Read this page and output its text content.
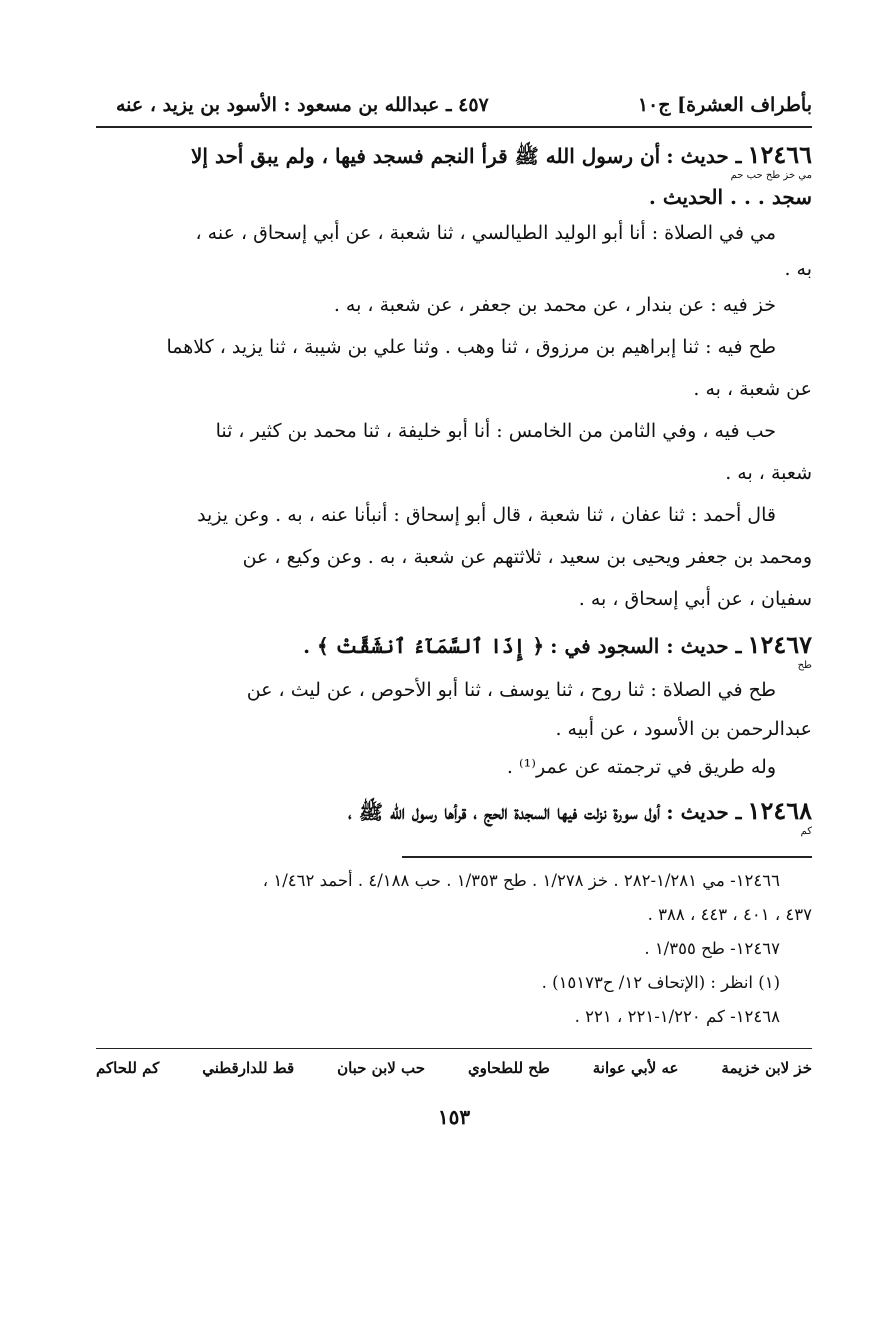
بأطراف العشرة] ج١٠
٤٥٧ ـ عبدالله بن مسعود : الأسود بن يزيد ، عنه

١٢٤٦٦ ـ حديث : أن رسول الله ﷺ قرأ النجم فسجد فيها ، ولم يبق أحد إلا

مي خز طح حب حم

سجد . . . الحديث .

مي في الصلاة : أنا أبو الوليد الطيالسي ، ثنا شعبة ، عن أبي إسحاق ، عنه ،

به .

خز فيه : عن بندار ، عن محمد بن جعفر ، عن شعبة ، به .

طح فيه : ثنا إبراهيم بن مرزوق ، ثنا وهب . وثنا علي بن شيبة ، ثنا يزيد ، كلاهما

عن شعبة ، به .

حب فيه ، وفي الثامن من الخامس : أنا أبو خليفة ، ثنا محمد بن كثير ، ثنا

شعبة ، به .

قال أحمد : ثنا عفان ، ثنا شعبة ، قال أبو إسحاق : أنبأنا عنه ، به . وعن يزيد

ومحمد بن جعفر ويحيى بن سعيد ، ثلاثتهم عن شعبة ، به . وعن وكيع ، عن

سفيان ، عن أبي إسحاق ، به .

١٢٤٦٧ ـ حديث : السجود في : ﴿ إِذَا ٱلسَّمَآءُ ٱنشَقَّتْ ﴾ .

طح

طح في الصلاة : ثنا روح ، ثنا يوسف ، ثنا أبو الأحوص ، عن ليث ، عن

عبدالرحمن بن الأسود ، عن أبيه .

وله طريق في ترجمته عن عمر⁽¹⁾ .

١٢٤٦٨ ـ حديث : أول سورة نزلت فيها السجدة الحج ، قرأها رسول الله ﷺ ،

كم

١٢٤٦٦- مي ١/٢٨١-٢٨٢ . خز ١/٢٧٨ . طح ١/٣٥٣ . حب ٤/١٨٨ . أحمد ١/٤٦٢ ،

٤٣٧ ، ٤٠١ ، ٤٤٣ ، ٣٨٨ .

١٢٤٦٧- طح ١/٣٥٥ .

(١) انظر : (الإتحاف ١٢/ ح١٥١٧٣) .

١٢٤٦٨- كم ١/٢٢٠-٢٢١ ، ٢٢١ .

خز لابن خزيمة
عه لأبي عوانة
طح للطحاوي
حب لابن حبان
قط للدارقطني
كم للحاكم
١٥٣
